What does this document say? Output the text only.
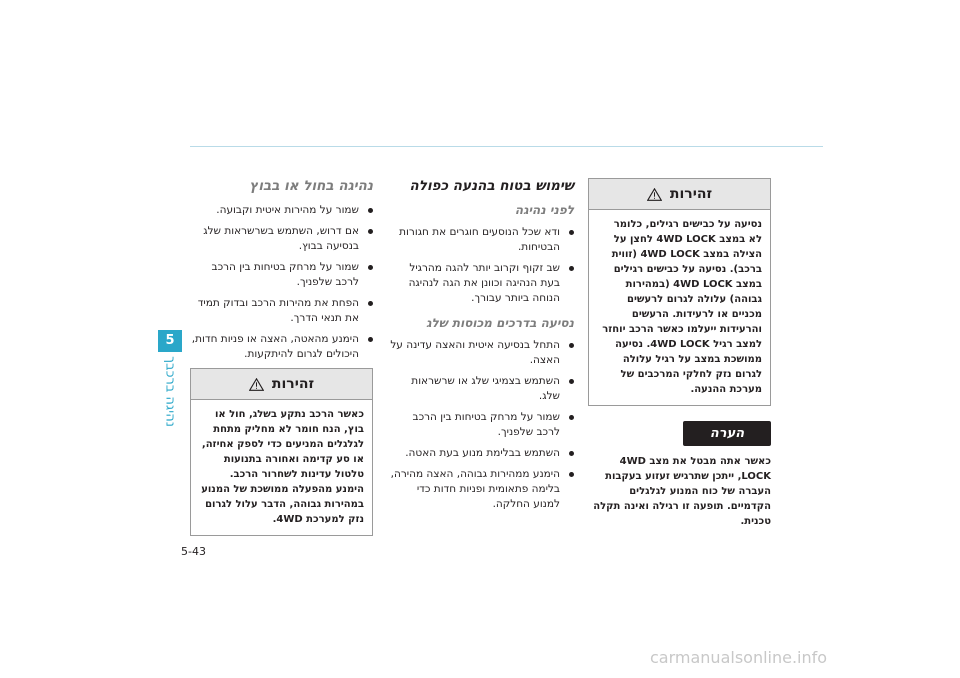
5
נהיגה ברכבך
נהיגה בחול או בבוץ
שמור על מהירות איטית וקבועה.
אם דרוש, השתמש בשרשראות שלג בנסיעה בבוץ.
שמור על מרחק בטיחות בין הרכב לרכב שלפניך.
הפחת את מהירות הרכב ובדוק תמיד את תנאי הדרך.
הימנע מהאטה, האצה או פניות חדות, היכולים לגרום להיתקעות.
זהירות
כאשר הרכב נתקע בשלג, חול או בוץ, הנח חומר לא מחליק מתחת לגלגלים המניעים כדי לספק אחיזה, או סע קדימה ואחורה בתנועות טלטול עדינות לשחרור הרכב. הימנע מהפעלה ממושכת של המנוע במהירות גבוהה, הדבר עלול לגרום נזק למערכת 4WD.
שימוש בטוח בהנעה כפולה
לפני נהיגה
ודא שכל הנוסעים חוגרים את חגורות הבטיחות.
שב זקוף וקרוב יותר להגה מהרגיל בעת הנהיגה וכוונן את הגה לנהיגה הנוחה ביותר עבורך.
נסיעה בדרכים מכוסות שלג
התחל בנסיעה איטית והאצה עדינה על האצה.
השתמש בצמיגי שלג או שרשראות שלג.
שמור על מרחק בטיחות בין הרכב לרכב שלפניך.
השתמש בבלימת מנוע בעת האטה.
הימנע ממהירות גבוהה, האצה מהירה, בלימה פתאומית ופניות חדות כדי למנוע החלקה.
זהירות
נסיעה על כבישים רגילים, כלומר לא במצב 4WD LOCK לחצן על הצילה במצב 4WD LOCK (זווית ברכב). נסיעה על כבישים רגילים במצב 4WD LOCK (במהירות גבוהה) עלולה לגרום לרעשים מכניים או לרעידות. הרעשים והרעידות ייעלמו כאשר הרכב יוחזר למצב רגיל 4WD LOCK. נסיעה ממושכת במצב על רגיל עלולה לגרום נזק לחלקי המרכבים של מערכת ההנעה.
הערה
כאשר אתה מבטל את מצב 4WD LOCK, ייתכן שתרגיש זעזוע בעקבות העברה של כוח המנוע לגלגלים הקדמיים. תופעה זו רגילה ואינה תקלה טכנית.
5-43
carmanualsonline.info
